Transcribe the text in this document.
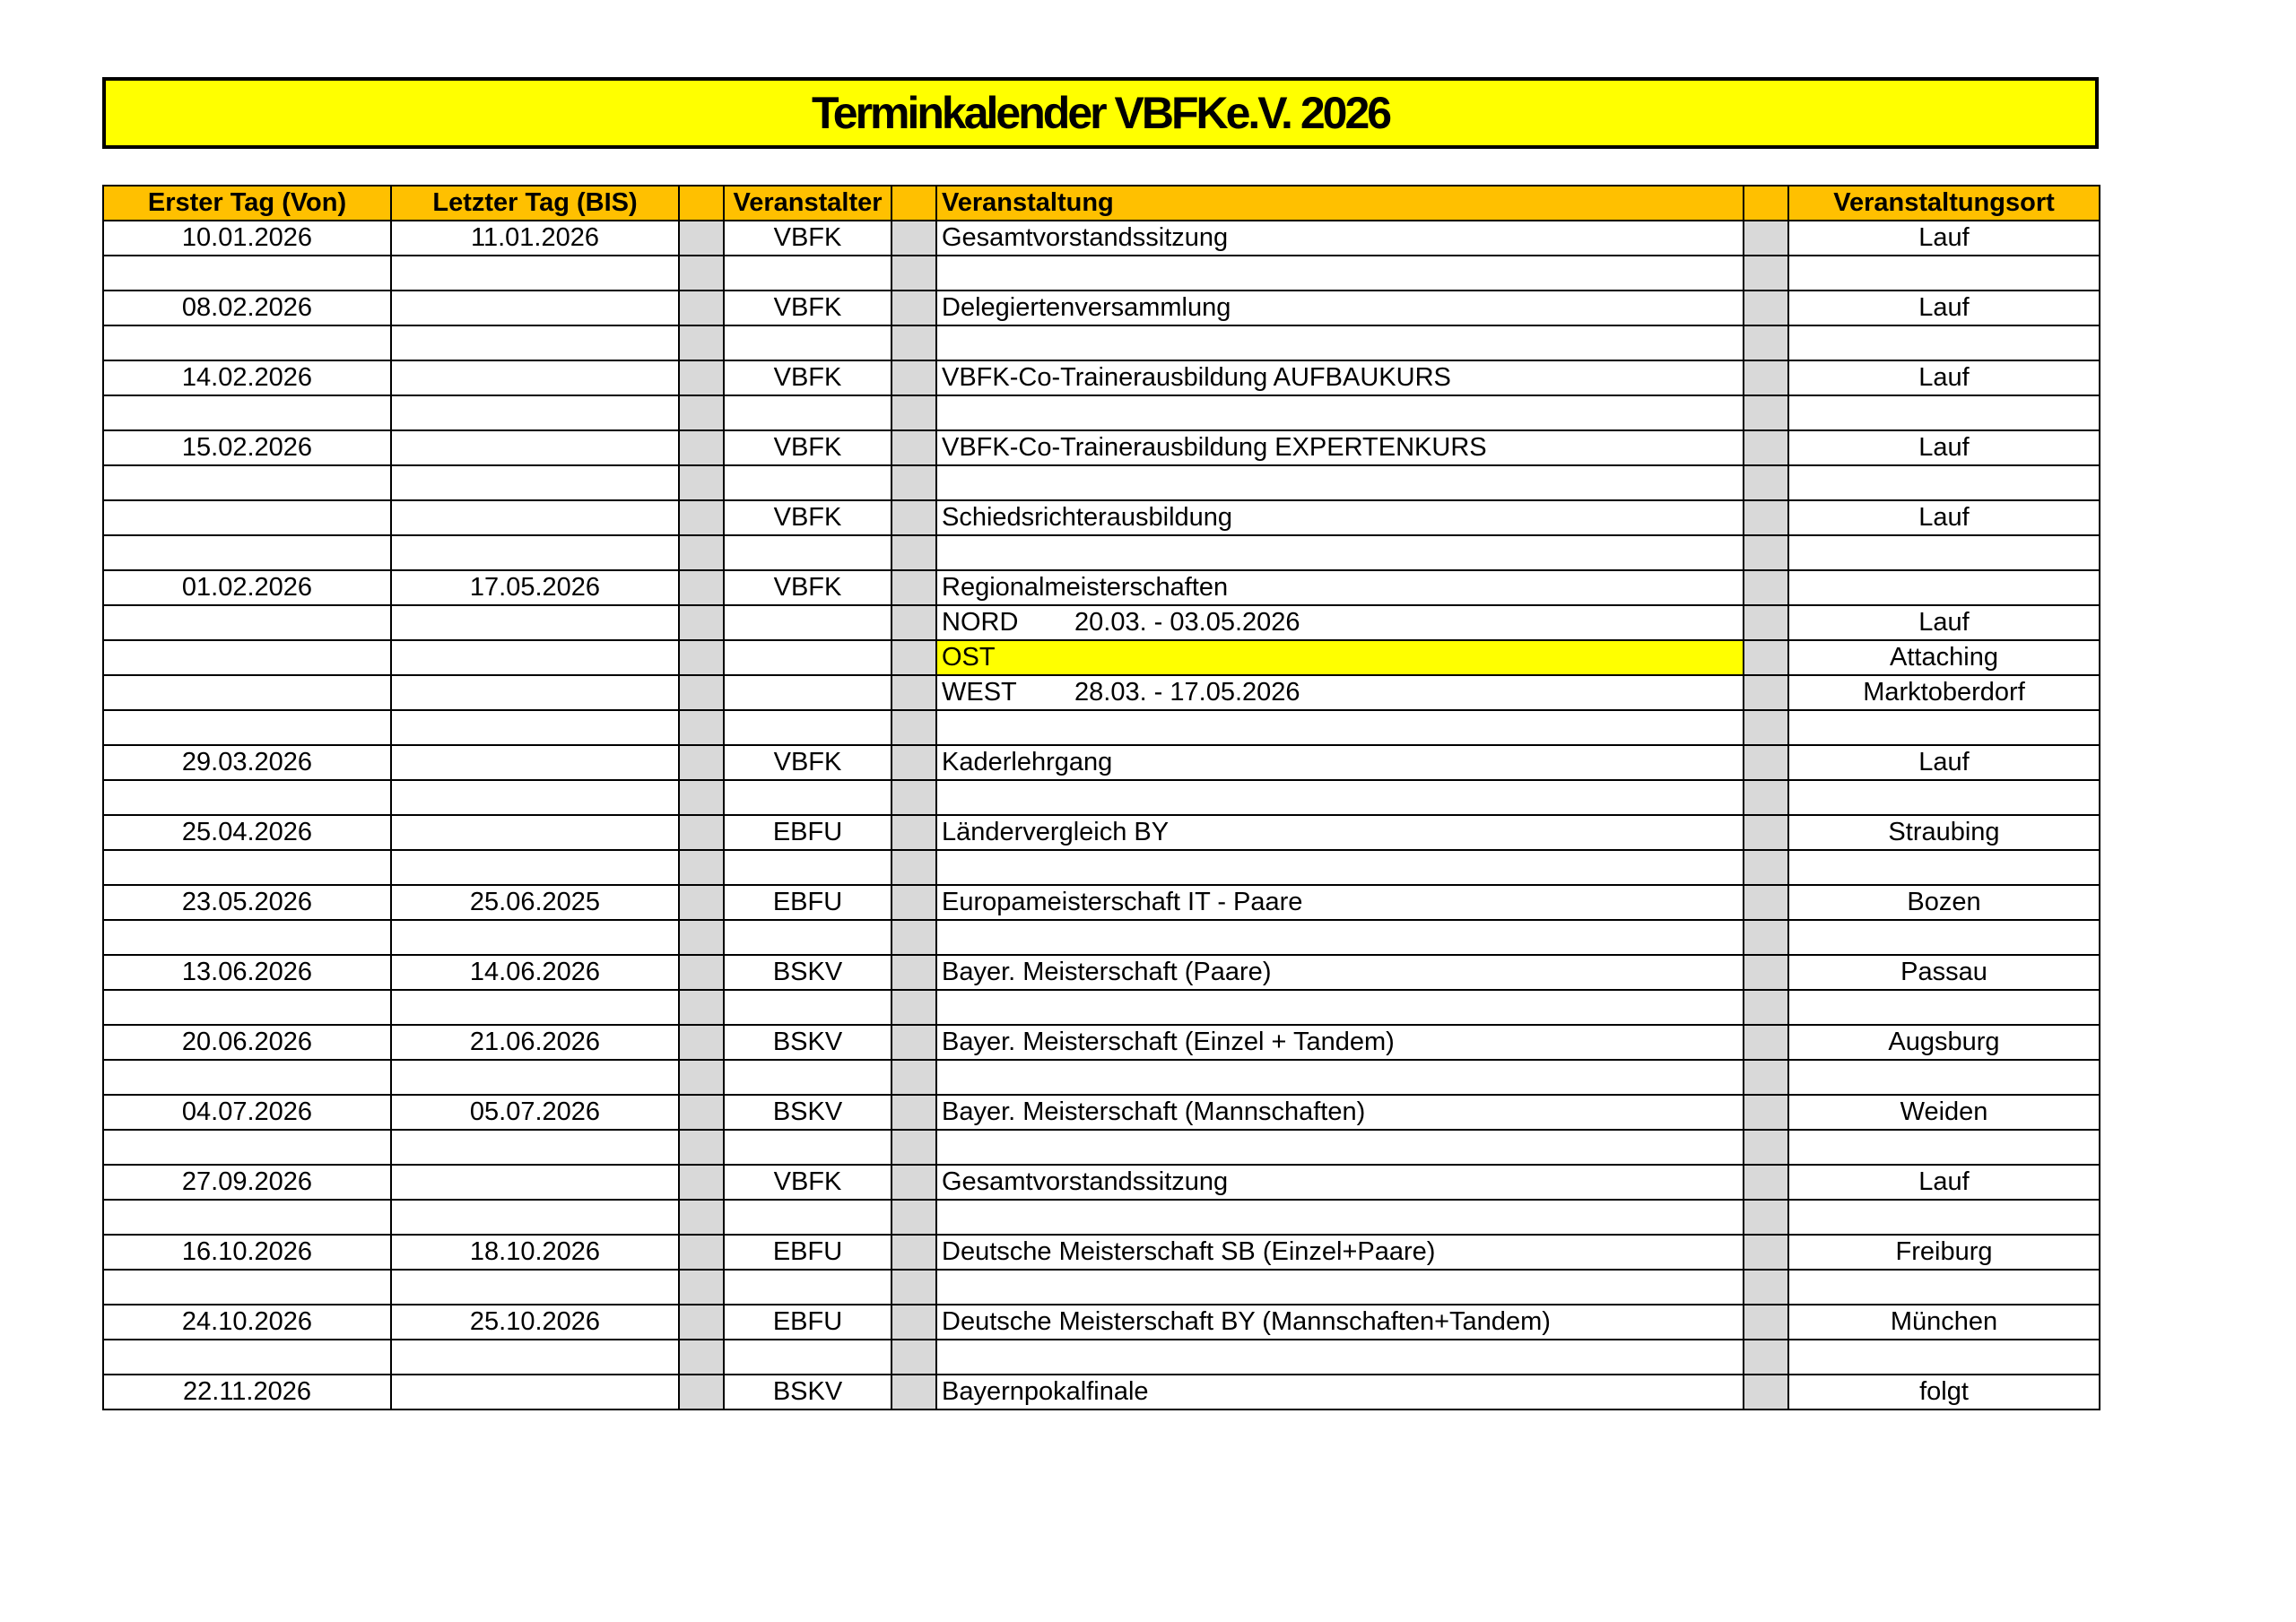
Terminkalender VBFKe.V. 2026
Erster Tag (Von)	Letzter Tag (BIS)		Veranstalter		Veranstaltung		Veranstaltungsort
10.01.2026	11.01.2026		VBFK		Gesamtvorstandssitzung		Lauf

08.02.2026			VBFK		Delegiertenversammlung		Lauf

14.02.2026			VBFK		VBFK-Co-Trainerausbildung AUFBAUKURS		Lauf

15.02.2026			VBFK		VBFK-Co-Trainerausbildung EXPERTENKURS		Lauf

			VBFK		Schiedsrichterausbildung		Lauf

01.02.2026	17.05.2026		VBFK		Regionalmeisterschaften		
					NORD 20.03. - 03.05.2026		Lauf
					OST		Attaching
					WEST 28.03. - 17.05.2026		Marktoberdorf

29.03.2026			VBFK		Kaderlehrgang		Lauf

25.04.2026			EBFU		Ländervergleich BY		Straubing

23.05.2026	25.06.2025		EBFU		Europameisterschaft IT - Paare		Bozen

13.06.2026	14.06.2026		BSKV		Bayer. Meisterschaft (Paare)		Passau

20.06.2026	21.06.2026		BSKV		Bayer. Meisterschaft (Einzel + Tandem)		Augsburg

04.07.2026	05.07.2026		BSKV		Bayer. Meisterschaft (Mannschaften)		Weiden

27.09.2026			VBFK		Gesamtvorstandssitzung		Lauf

16.10.2026	18.10.2026		EBFU		Deutsche Meisterschaft SB (Einzel+Paare)		Freiburg

24.10.2026	25.10.2026		EBFU		Deutsche Meisterschaft BY (Mannschaften+Tandem)		München

22.11.2026			BSKV		Bayernpokalfinale		folgt
